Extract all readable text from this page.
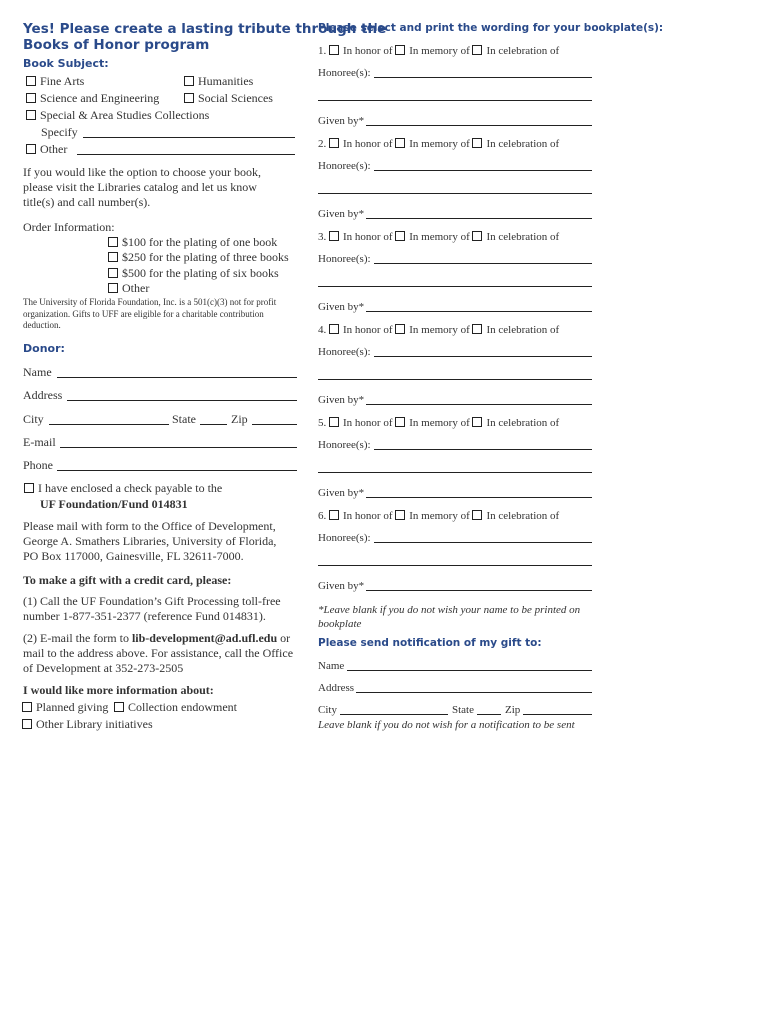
Yes! Please create a lasting tribute through the
Books of Honor program
Book Subject:
Fine Arts	Humanities
Science and Engineering	Social Sciences
Special & Area Studies Collections
Specify
Other
If you would like the option to choose your book,
please visit the Libraries catalog and let us know
title(s) and call number(s).
Order Information:
$100 for the plating of one book
$250 for the plating of three books
$500 for the plating of six books
Other
The University of Florida Foundation, Inc. is a 501(c)(3) not for profit
organization. Gifts to UFF are eligible for a charitable contribution
deduction.
Donor:
Name
Address
City	State	Zip
E-mail
Phone
I have enclosed a check payable to the
UF Foundation/Fund 014831
Please mail with form to the Office of Development,
George A. Smathers Libraries, University of Florida,
PO Box 117000, Gainesville, FL 32611-7000.
To make a gift with a credit card, please:
(1) Call the UF Foundation’s Gift Processing toll-free
number 1-877-351-2377 (reference Fund 014831).
(2) E-mail the form to lib-development@ad.ufl.edu or
mail to the address above. For assistance, call the Office
of Development at 352-273-2505
I would like more information about:
Planned giving	Collection endowment
Other Library initiatives
Please select and print the wording for your bookplate(s):
1. In honor of In memory of In celebration of
Honoree(s):
Given by*
2. In honor of In memory of In celebration of
Honoree(s):
Given by*
3. In honor of In memory of In celebration of
Honoree(s):
Given by*
4. In honor of In memory of In celebration of
Honoree(s):
Given by*
5. In honor of In memory of In celebration of
Honoree(s):
Given by*
6. In honor of In memory of In celebration of
Honoree(s):
Given by*
*Leave blank if you do not wish your name to be printed on
bookplate
Please send notification of my gift to:
Name
Address
City	State	Zip
Leave blank if you do not wish for a notification to be sent
